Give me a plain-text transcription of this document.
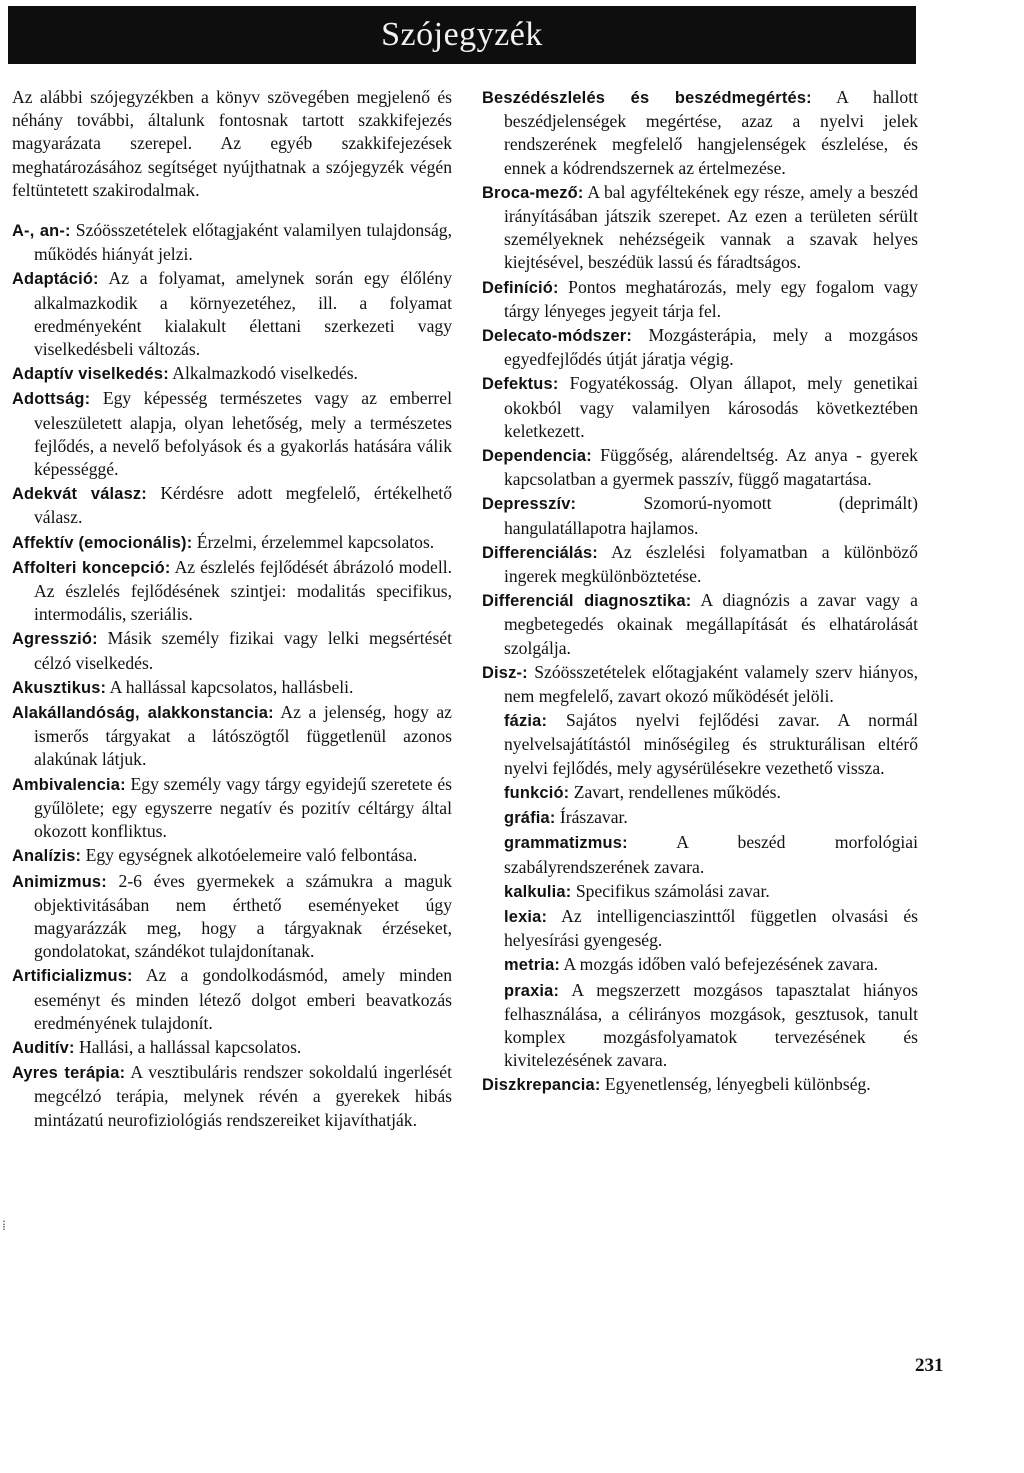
Szójegyzék

Az alábbi szójegyzékben a könyv szövegében megjelenő és néhány további, általunk fontosnak tartott szakkifejezés magyarázata szerepel. Az egyéb szakkifejezések meghatározásához segítséget nyújthatnak a szójegyzék végén feltüntetett szakirodalmak.

A-, an-: Szóösszetételek előtagjaként valamilyen tulajdonság, működés hiányát jelzi.

Adaptáció: Az a folyamat, amelynek során egy élőlény alkalmazkodik a környezetéhez, ill. a folyamat eredményeként kialakult élettani szerkezeti vagy viselkedésbeli változás.

Adaptív viselkedés: Alkalmazkodó viselkedés.

Adottság: Egy képesség természetes vagy az emberrel veleszületett alapja, olyan lehetőség, mely a természetes fejlődés, a nevelő befolyások és a gyakorlás hatására válik képességgé.

Adekvát válasz: Kérdésre adott megfelelő, értékelhető válasz.

Affektív (emocionális): Érzelmi, érzelemmel kapcsolatos.

Affolteri koncepció: Az észlelés fejlődését ábrázoló modell. Az észlelés fejlődésének szintjei: modalitás specifikus, intermodális, szeriális.

Agresszió: Másik személy fizikai vagy lelki megsértését célzó viselkedés.

Akusztikus: A hallással kapcsolatos, hallásbeli.

Alakállandóság, alakkonstancia: Az a jelenség, hogy az ismerős tárgyakat a látószögtől függetlenül azonos alakúnak látjuk.

Ambivalencia: Egy személy vagy tárgy egyidejű szeretete és gyűlölete; egy egyszerre negatív és pozitív céltárgy által okozott konfliktus.

Analízis: Egy egységnek alkotóelemeire való felbontása.

Animizmus: 2-6 éves gyermekek a számukra a maguk objektivitásában nem érthető eseményeket úgy magyarázzák meg, hogy a tárgyaknak érzéseket, gondolatokat, szándékot tulajdonítanak.

Artificializmus: Az a gondolkodásmód, amely minden eseményt és minden létező dolgot emberi beavatkozás eredményének tulajdonít.

Auditív: Hallási, a hallással kapcsolatos.

Ayres terápia: A vesztibuláris rendszer sokoldalú ingerlését megcélzó terápia, melynek révén a gyerekek hibás mintázatú neurofiziológiás rendszereiket kijavíthatják.

Beszédészlelés és beszédmegértés: A hallott beszédjelenségek megértése, azaz a nyelvi jelek rendszerének megfelelő hangjelenségek észlelése, és ennek a kódrendszernek az értelmezése.

Broca-mező: A bal agyféltekének egy része, amely a beszéd irányításában játszik szerepet. Az ezen a területen sérült személyeknek nehézségeik vannak a szavak helyes kiejtésével, beszédük lassú és fáradtságos.

Definíció: Pontos meghatározás, mely egy fogalom vagy tárgy lényeges jegyeit tárja fel.

Delecato-módszer: Mozgásterápia, mely a mozgásos egyedfejlődés útját járatja végig.

Defektus: Fogyatékosság. Olyan állapot, mely genetikai okokból vagy valamilyen károsodás következtében keletkezett.

Dependencia: Függőség, alárendeltség. Az anya - gyerek kapcsolatban a gyermek passzív, függő magatartása.

Depresszív:	Szomorú-nyomott (deprimált) hangulatállapotra hajlamos.

Differenciálás: Az észlelési folyamatban a különböző ingerek megkülönböztetése.

Differenciál diagnosztika: A diagnózis a zavar vagy a megbetegedés okainak megállapítását és elhatárolását szolgálja.

Disz-: Szóösszetételek előtagjaként valamely szerv hiányos, nem megfelelő, zavart okozó működését jelöli.

fázia: Sajátos nyelvi fejlődési zavar. A normál nyelvelsajátítástól minőségileg és strukturálisan eltérő nyelvi fejlődés, mely agysérülésekre vezethető vissza.

funkció: Zavart, rendellenes működés.

gráfia: Írászavar.

grammatizmus:	A beszéd morfológiai szabályrendszerének zavara.

kalkulia: Specifikus számolási zavar.

lexia: Az intelligenciaszinttől független olvasási és helyesírási gyengeség.

metria: A mozgás időben való befejezésének zavara.

praxia: A megszerzett mozgásos tapasztalat hiányos felhasználása, a célirányos mozgások, gesztusok, tanult komplex mozgásfolyamatok tervezésének és kivitelezésének zavara.

Diszkrepancia: Egyenetlenség, lényegbeli különbség.

⁞
231
